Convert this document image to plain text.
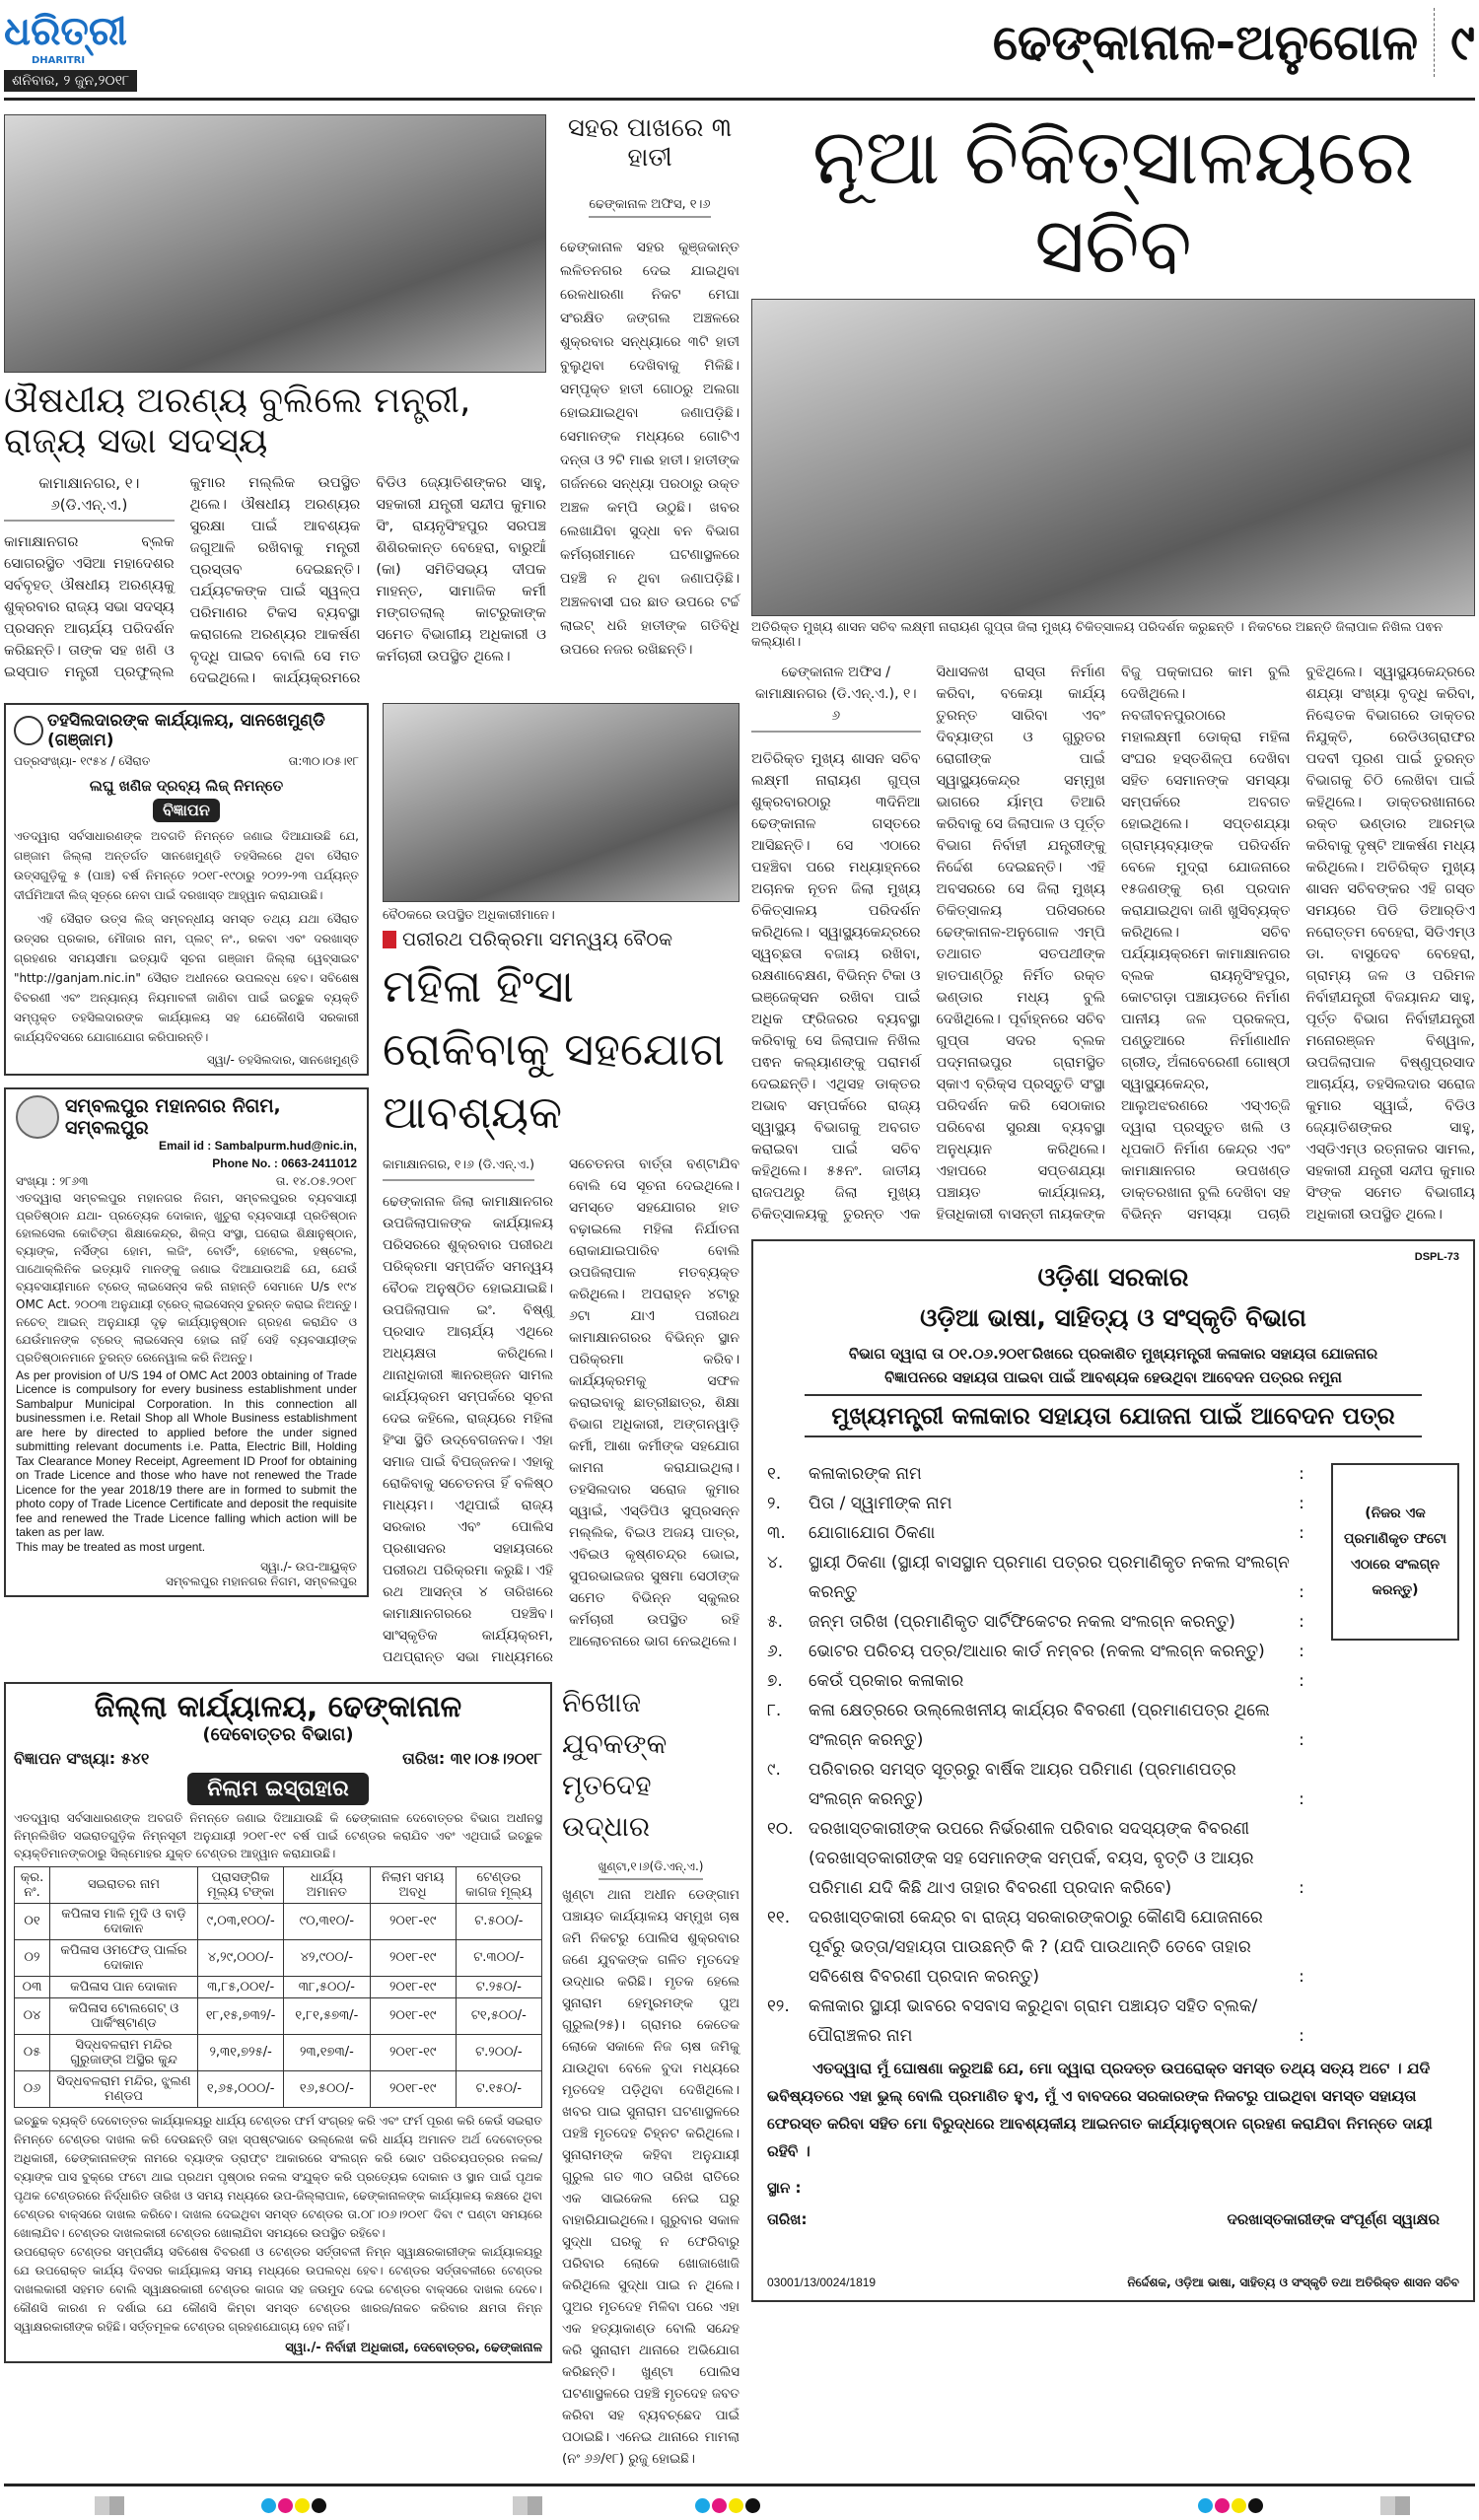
ଧରିତ୍ରୀ
DHARITRI
ଶନିବାର, ୨ ଜୁନ,୨୦୧୮
ଢେଙ୍କାନାଳ-ଅନୁଗୋଳ ୯
ଔଷଧୀୟ ଅରଣ୍ୟ ବୁଲିଲେ ମନ୍ତ୍ରୀ, ରାଜ୍ୟ ସଭା ସଦସ୍ୟ
କାମାକ୍ଷାନଗର, ୧।୬(ଡି.ଏନ୍.ଏ.)
କାମାକ୍ଷାନଗର ବ୍ଲକ ସୋଗରସ୍ଥିତ ଏସିଆ ମହାଦେଶର ସର୍ବବୃହତ୍ ଔଷଧୀୟ ଅରଣ୍ୟକୁ ଶୁକ୍ରବାର ରାଜ୍ୟ ସଭା ସଦସ୍ୟ ପ୍ରସନ୍ନ ଆଚାର୍ଯ୍ୟ ପରିଦର୍ଶନ କରିଛନ୍ତି। ତାଙ୍କ ସହ ଖଣି ଓ ଇସ୍ପାତ ମନ୍ତ୍ରୀ ପ୍ରଫୁଲ୍ଲ କୁମାର ମଲ୍ଲିକ ଉପସ୍ଥିତ ଥିଲେ। ଔଷଧୀୟ ଅରଣ୍ୟର ସୁରକ୍ଷା ପାଇଁ ଆବଶ୍ୟକ ଜଗୁଆଳି ରଖିବାକୁ ମନ୍ତ୍ରୀ ପ୍ରସ୍ତାବ ଦେଇଛନ୍ତି। ପର୍ଯ୍ୟଟକଙ୍କ ପାଇଁ ସ୍ୱଳ୍ପ ପରିମାଣର ଟିକସ ବ୍ୟବସ୍ଥା କରାଗଲେ ଅରଣ୍ୟର ଆକର୍ଷଣ ବୃଦ୍ଧି ପାଇବ ବୋଲି ସେ ମତ ଦେଇଥିଲେ। କାର୍ଯ୍ୟକ୍ରମରେ ବିଡିଓ ଜ୍ୟୋତିଶଙ୍କର ସାହୁ, ସହକାରୀ ଯନ୍ତ୍ରୀ ସନ୍ଦୀପ କୁମାର ସିଂ, ରାୟନୃସିଂହପୁର ସରପଞ୍ଚ ଶିଶିରକାନ୍ତ ବେହେରା, ବାରୁଆଁ (କା) ସମିତିସଭ୍ୟ ଦୀପକ ମାହନ୍ତ, ସାମାଜିକ କର୍ମୀ ମଙ୍ଗତଲାଲ୍ କାଟରୁକାଙ୍କ ସମେତ ବିଭାଗୀୟ ଅଧିକାରୀ ଓ କର୍ମଚାରୀ ଉପସ୍ଥିତ ଥିଲେ।
ସହର ପାଖରେ ୩ ହାତୀ
ଢେଙ୍କାନାଳ ଅଫିସ, ୧।୬
ଢେଙ୍କାନାଳ ସହର କୁଞ୍ଜକାନ୍ତ ଲଳିତନଗର ଦେଇ ଯାଇଥିବା ରେଳଧାରଣା ନିକଟ ମେଘା ସଂରକ୍ଷିତ ଜଙ୍ଗଲ ଅଞ୍ଚଳରେ ଶୁକ୍ରବାର ସନ୍ଧ୍ୟାରେ ୩ଟି ହାତୀ ବୁଲୁଥିବା ଦେଖିବାକୁ ମିଳିଛି। ସମ୍ପୃକ୍ତ ହାତୀ ଗୋଠରୁ ଅଲଗା ହୋଇଯାଇଥିବା ଜଣାପଡ଼ିଛି। ସେମାନଙ୍କ ମଧ୍ୟରେ ଗୋଟିଏ ଦନ୍ତା ଓ ୨ଟି ମାଈ ହାତୀ। ହାତୀଙ୍କ ଗର୍ଜନରେ ସନ୍ଧ୍ୟା ପରଠାରୁ ଉକ୍ତ ଅଞ୍ଚଳ କମ୍ପି ଉଠୁଛି। ଖବର ଲେଖାଯିବା ସୁଦ୍ଧା ବନ ବିଭାଗ କର୍ମଚାରୀମାନେ ଘଟଣାସ୍ଥଳରେ ପହଞ୍ଚି ନ ଥିବା ଜଣାପଡ଼ିଛି। ଅଞ୍ଚଳବାସୀ ଘର ଛାତ ଉପରେ ଟର୍ଚ୍ଚ ଲାଇଟ୍ ଧରି ହାତୀଙ୍କ ଗତିବିଧି ଉପରେ ନଜର ରଖିଛନ୍ତି।
ତହସିଲଦାରଙ୍କ କାର୍ଯ୍ୟାଳୟ, ସାନଖେମୁଣ୍ଡି (ଗଞ୍ଜାମ)
ପତ୍ରସଂଖ୍ୟା- ୧୯୫୪ / ସୈରାତ	ତା:୩୦।୦୫।୧୮
ଲଘୁ ଖଣିଜ ଦ୍ରବ୍ୟ ଲିଜ୍ ନିମନ୍ତେ
ବିଜ୍ଞାପନ

ଏତଦ୍ୱାରା ସର୍ବସାଧାରଣଙ୍କ ଅବଗତି ନିମନ୍ତେ ଜଣାଇ ଦିଆଯାଉଛି ଯେ, ଗଞ୍ଜାମ ଜିଲ୍ଲା ଅନ୍ତର୍ଗତ ସାନଖେମୁଣ୍ଡି ତହସିଲରେ ଥିବା ସୈରାତ ଉତ୍ସଗୁଡ଼ିକୁ ୫ (ପାଞ୍ଚ) ବର୍ଷ ନିମନ୍ତେ ୨୦୧୮-୧୯ଠାରୁ ୨୦୨୨-୨୩ ପର୍ଯ୍ୟନ୍ତ ଦୀର୍ଘମିଆଦୀ ଲିଜ୍ ସୂତ୍ରେ ନେବା ପାଇଁ ଦରଖାସ୍ତ ଆହ୍ୱାନ କରାଯାଉଛି।

ଏହି ସୈରାତ ଉତ୍ସ ଲିଜ୍ ସମ୍ବନ୍ଧୀୟ ସମସ୍ତ ତଥ୍ୟ ଯଥା ସୈରାତ ଉତ୍ସର ପ୍ରକାର, ମୌଜାର ନାମ, ପ୍ଲଟ୍ ନଂ., ରକବା ଏବଂ ଦରଖାସ୍ତ ଗ୍ରହଣର ସମୟସୀମା ଇତ୍ୟାଦି ସୂଚନା ଗଞ୍ଜାମ ଜିଲ୍ଲା ୱେବ୍‌ସାଇଟ "http://ganjam.nic.in" ସୈରାତ ଅଧୀନରେ ଉପଲବ୍ଧ ହେବ। ସବିଶେଷ ବିବରଣୀ ଏବଂ ଅନ୍ୟାନ୍ୟ ନିୟମାବଳୀ ଜାଣିବା ପାଇଁ ଇଚ୍ଛୁକ ବ୍ୟକ୍ତି ସମ୍ପୃକ୍ତ ତହସିଲଦାରଙ୍କ କାର୍ଯ୍ୟାଳୟ ସହ ଯେକୌଣସି ସରକାରୀ କାର୍ଯ୍ୟଦିବସରେ ଯୋଗାଯୋଗ କରିପାରନ୍ତି।

ସ୍ୱା/- ତହସିଲଦାର, ସାନଖେମୁଣ୍ଡି
ସମ୍ବଲପୁର ମହାନଗର ନିଗମ, ସମ୍ବଲପୁର
Email id : Sambalpurm.hud@nic.in,
Phone No. : 0663-2411012
ସଂଖ୍ୟା : ୨୮୬୩	ତା. ୧୪.୦୫.୨୦୧୮

ଏତଦ୍ୱାରା ସମ୍ବଲପୁର ମହାନଗର ନିଗମ, ସମ୍ବଲପୁରର ବ୍ୟବସାୟୀ ପ୍ରତିଷ୍ଠାନ ଯଥା- ପ୍ରତ୍ୟେକ ଦୋକାନ, ଖୁଚୁରା ବ୍ୟବସାୟୀ ପ୍ରତିଷ୍ଠାନ ହୋଲସେଲ କୋଚିଙ୍ଗ ଶିକ୍ଷାକେନ୍ଦ୍ର, ଶିଳ୍ପ ସଂସ୍ଥା, ଘରୋଇ ଶିକ୍ଷାନୁଷ୍ଠାନ, ବ୍ୟାଙ୍କ, ନର୍ସିଙ୍ଗ ହୋମ, ଲଜିଂ, ବୋର୍ଡିଂ, ହୋଟେଲ, ହଷ୍ଟେଲ, ପାଥୋକ୍ଲିନିକ ଇତ୍ୟାଦି ମାନଙ୍କୁ ଜଣାଇ ଦିଆଯାଉଅଛି ଯେ, ଯେଉଁ ବ୍ୟବସାୟୀମାନେ ଟ୍ରେଡ୍ ଲାଇସେନ୍ସ କରି ନାହାନ୍ତି ସେମାନେ U/s ୧୯୪ OMC Act. ୨୦୦୩ ଅନୁଯାୟୀ ଟ୍ରେଡ୍ ଲାଇସେନ୍ସ ତୁରନ୍ତ କରାଇ ନିଅନ୍ତୁ। ନଚେତ୍ ଆଇନ୍ ଅନୁଯାୟୀ ଦୃଢ଼ କାର୍ଯ୍ୟାନୁଷ୍ଠାନ ଗ୍ରହଣ କରାଯିବ ଓ ଯେଉଁମାନଙ୍କ ଟ୍ରେଡ୍ ଲାଇସେନ୍ସ ହୋଇ ନାହିଁ ସେହି ବ୍ୟବସାୟୀଙ୍କ ପ୍ରତିଷ୍ଠାନମାନେ ତୁରନ୍ତ ରେନେୱାଲ କରି ନିଅନ୍ତୁ।

As per provision of U/S 194 of OMC Act 2003 obtaining of Trade Licence is compulsory for every business establishment under Sambalpur Municipal Corporation. In this connection all businessmen i.e. Retail Shop all Whole Business establishment are here by directed to applied before the under signed submitting relevant documents i.e. Patta, Electric Bill, Holding Tax Clearance Money Receipt, Agreement ID Proof for obtaining on Trade Licence and those who have not renewed the Trade Licence for the year 2018/19 there are in formed to submit the photo copy of Trade Licence Certificate and deposit the requisite fee and renewed the Trade Licence falling which action will be taken as per law.

This may be treated as most urgent.

ସ୍ୱା./- ଉପ-ଆୟୁକ୍ତ
ସମ୍ବଲପୁର ମହାନଗର ନିଗମ, ସମ୍ବଲପୁର
ବୈଠକରେ ଉପସ୍ଥିତ ଅଧିକାରୀମାନେ।
ପରୀରଥ ପରିକ୍ରମା ସମନ୍ୱୟ ବୈଠକ
ମହିଳା ହିଂସା ରୋକିବାକୁ ସହଯୋଗ ଆବଶ୍ୟକ
କାମାକ୍ଷାନଗର, ୧।୬ (ଡି.ଏନ୍.ଏ.)
ଢେଙ୍କାନାଳ ଜିଲା କାମାକ୍ଷାନଗର ଉପଜିଲାପାଳଙ୍କ କାର୍ଯ୍ୟାଳୟ ପରିସରରେ ଶୁକ୍ରବାର ପରୀରଥ ପରିକ୍ରମା ସମ୍ପର୍କିତ ସମନ୍ୱୟ ବୈଠକ ଅନୁଷ୍ଠିତ ହୋଇଯାଇଛି। ଉପଜିଲାପାଳ ଇଂ. ବିଷ୍ଣୁ ପ୍ରସାଦ ଆଚାର୍ଯ୍ୟ ଏଥିରେ ଅଧ୍ୟକ୍ଷତା କରିଥିଲେ। ଥାନାଧିକାରୀ ଜ୍ଞାନରଞ୍ଜନ ସାମଲ କାର୍ଯ୍ୟକ୍ରମ ସମ୍ପର୍କରେ ସୂଚନା ଦେଇ କହିଲେ, ରାଜ୍ୟରେ ମହିଳା ହିଂସା ସ୍ଥିତି ଉଦ୍‌ବେଗଜନକ। ଏହା ସମାଜ ପାଇଁ ବିପଜ୍ଜନକ। ଏହାକୁ ରୋକିବାକୁ ସଚେତନତା ହିଁ ବଳିଷ୍ଠ ମାଧ୍ୟମ। ଏଥିପାଇଁ ରାଜ୍ୟ ସରକାର ଏବଂ ପୋଲିସ ପ୍ରଶାସନର ସହାୟତାରେ ପରୀରଥ ପରିକ୍ରମା କରୁଛି। ଏହି ରଥ ଆସନ୍ତା ୪ ତାରିଖରେ କାମାକ୍ଷାନଗରରେ ପହଞ୍ଚିବ। ସାଂସ୍କୃତିକ କାର୍ଯ୍ୟକ୍ରମ, ପଥପ୍ରାନ୍ତ ସଭା ମାଧ୍ୟମରେ ସଚେତନତା ବାର୍ତ୍ତା ବଣ୍ଟାଯିବ ବୋଲି ସେ ସୂଚନା ଦେଇଥିଲେ। ସମସ୍ତେ ସହଯୋଗର ହାତ ବଢ଼ାଇଲେ ମହିଳା ନିର୍ଯାତନା ରୋକାଯାଇପାରିବ ବୋଲି ଉପଜିଲାପାଳ ମତବ୍ୟକ୍ତ କରିଥିଲେ। ଅପରାହ୍ନ ୪ଟାରୁ ୬ଟା ଯାଏ ପରୀରଥ କାମାକ୍ଷାନଗରର ବିଭିନ୍ନ ସ୍ଥାନ ପରିକ୍ରମା କରିବ। କାର୍ଯ୍ୟକ୍ରମକୁ ସଫଳ କରାଇବାକୁ ଛାତ୍ରୀଛାତ୍ର, ଶିକ୍ଷା ବିଭାଗ ଅଧିକାରୀ, ଅଙ୍ଗନୱାଡ଼ି କର୍ମୀ, ଆଶା କର୍ମୀଙ୍କ ସହଯୋଗ କାମନା କରାଯାଇଥିଲା। ତହସିଲଦାର ସରୋଜ କୁମାର ସ୍ୱାଇଁ, ଏସ୍‌ଡିପିଓ ସୁପ୍ରସନ୍ନ ମଲ୍ଲିକ, ବିଇଓ ଅଜୟ ପାତ୍ର, ଏବିଇଓ କୃଷ୍ଣଚନ୍ଦ୍ର ଭୋଇ, ସୁପରଭାଇଜର ସୁଷମା ସେଠୀଙ୍କ ସମେତ ବିଭିନ୍ନ ସ୍କୁଲର କର୍ମଚାରୀ ଉପସ୍ଥିତ ରହି ଆଲୋଚନାରେ ଭାଗ ନେଇଥିଲେ।
ଜିଲ୍ଲା କାର୍ଯ୍ୟାଳୟ, ଢେଙ୍କାନାଳ
(ଦେବୋତ୍ତର ବିଭାଗ)
ବିଜ୍ଞାପନ ସଂଖ୍ୟା: ୫୪୧	ତାରିଖ: ୩୧।୦୫।୨୦୧୮
ନିଲାମ ଇସ୍ତାହାର

ଏତଦ୍ୱାରା ସର୍ବସାଧାରଣଙ୍କ ଅବଗତି ନିମନ୍ତେ ଜଣାଇ ଦିଆଯାଉଛି କି ଢେଙ୍କାନାଳ ଦେବୋତ୍ତର ବିଭାଗ ଅଧୀନସ୍ଥ ନିମ୍ନଲିଖିତ ସଇରାତଗୁଡ଼ିକ ନିମ୍ନସୂଚୀ ଅନୁଯାୟୀ ୨୦୧୮-୧୯ ବର୍ଷ ପାଇଁ ଟେଣ୍ଡର କରାଯିବ ଏବଂ ଏଥିପାଇଁ ଇଚ୍ଛୁକ ବ୍ୟକ୍ତିମାନଙ୍କଠାରୁ ସିଲ୍‌ମୋହର ଯୁକ୍ତ ଟେଣ୍ଡର ଆହ୍ୱାନ କରାଯାଉଛି।

କ୍ର. ନଂ.	ସଇରାତର ନାମ	ପ୍ରାସଙ୍ଗିକ ମୂଲ୍ୟ ଟଙ୍କା	ଧାର୍ଯ୍ୟ ଅମାନତ	ନିଲାମ ସମୟ ଅବଧି	ଟେଣ୍ଡର କାଗଜ ମୂଲ୍ୟ
୦୧	କପିଳାସ ମାଳି ମୁଦି ଓ ବାଡ଼ି ଦୋକାନ	୯,୦୩,୧୦୦/-	୯୦,୩୧୦/-	୨୦୧୮-୧୯	ଟ.୫୦୦/-
୦୨	କପିଳାସ ଓମଫେଡ୍ ପାର୍ଲର ଦୋକାନ	୪,୨୯,୦୦୦/-	୪୨,୯୦୦/-	୨୦୧୮-୧୯	ଟ.୩୦୦/-
୦୩	କପିଳାସ ପାନ ଦୋକାନ	୩,୮୫,୦୦୧/-	୩୮,୫୦୦/-	୨୦୧୮-୧୯	ଟ.୨୫୦/-
୦୪	କପିଳାସ ଟୋଲଗେଟ୍ ଓ ପାର୍କିଂଷ୍ଟାଣ୍ଡ	୧୮,୧୫,୭୩୨/-	୧,୮୧,୫୭୩/-	୨୦୧୮-୧୯	ଟ୧,୫୦୦/-
୦୫	ସିଦ୍ଧବଳରାମ ମନ୍ଦିର ଗୁରୁଜାଙ୍ଗ ଅସ୍ଥିର କୁନ୍ଦ	୨,୩୧,୭୨୫/-	୨୩,୧୭୩/-	୨୦୧୮-୧୯	ଟ.୨୦୦/-
୦୬	ସିଦ୍ଧବଳରାମ ମନ୍ଦିର, ଝୁଲଣ ମଣ୍ଡପ	୧,୬୫,୦୦୦/-	୧୬,୫୦୦/-	୨୦୧୮-୧୯	ଟ.୧୫୦/-

ଇଚ୍ଛୁକ ବ୍ୟକ୍ତି ଦେବୋତ୍ତର କାର୍ଯ୍ୟାଳୟରୁ ଧାର୍ଯ୍ୟ ଟେଣ୍ଡର ଫର୍ମ ସଂଗ୍ରହ କରି ଏବଂ ଫର୍ମ ପୂରଣ କରି କେଉଁ ସଇରାତ ନିମନ୍ତେ ଟେଣ୍ଡର ଦାଖଲ କରି ଦେଉଛନ୍ତି ତାହା ସ୍ପଷ୍ଟଭାବେ ଉଲ୍ଲେଖ କରି ଧାର୍ଯ୍ୟ ଅମାନତ ଅର୍ଥ ଦେବୋତ୍ତର ଅଧିକାରୀ, ଢେଙ୍କାନାଳଙ୍କ ନାମରେ ବ୍ୟାଙ୍କ ଡ୍ରାଫ୍ଟ ଆକାରରେ ସଂଲଗ୍ନ କରି ଭୋଟ ପରିଚୟପତ୍ରର ନକଲ/ ବ୍ୟାଙ୍କ ପାସ ବୁକ୍‌ରେ ଫଟୋ ଥାଇ ପ୍ରଥମ ପୃଷ୍ଠାର ନକଲ ସଂଯୁକ୍ତ କରି ପ୍ରତ୍ୟେକ ଦୋକାନ ଓ ସ୍ଥାନ ପାଇଁ ପୃଥକ ପୃଥକ ଟେଣ୍ଡରରେ ନିର୍ଦ୍ଧାରିତ ତାରିଖ ଓ ସମୟ ମଧ୍ୟରେ ଉପ-ଜିଲ୍ଲାପାଳ, ଢେଙ୍କାନାଳଙ୍କ କାର୍ଯ୍ୟାଳୟ କକ୍ଷରେ ଥିବା ଟେଣ୍ଡର ବାକ୍ସରେ ଦାଖଲ କରିବେ। ଦାଖଲ ଦେଇଥିବା ସମସ୍ତ ଟେଣ୍ଡର ତା.୦୮।୦୬।୨୦୧୮ ଦିବା ୯ ଘଣ୍ଟା ସମୟରେ ଖୋଲାଯିବ। ଟେଣ୍ଡର ଦାଖଲକାରୀ ଟେଣ୍ଡର ଖୋଲାଯିବା ସମୟରେ ଉପସ୍ଥିତ ରହିବେ।

ଉପରୋକ୍ତ ଟେଣ୍ଡର ସମ୍ପର୍କୀୟ ସବିଶେଷ ବିବରଣୀ ଓ ଟେଣ୍ଡର ସର୍ତ୍ତାବଳୀ ନିମ୍ନ ସ୍ୱାକ୍ଷରକାରୀଙ୍କ କାର୍ଯ୍ୟାଳୟରୁ ଯେ ଉପରୋକ୍ତ କାର୍ଯ୍ୟ ଦିବସର କାର୍ଯ୍ୟାଳୟ ସମୟ ମଧ୍ୟରେ ଉପଲବ୍ଧ ହେବ। ଟେଣ୍ଡର ସର୍ତ୍ତାବଳୀରେ ଟେଣ୍ଡର ଦାଖଲକାରୀ ସହମତ ବୋଲି ସ୍ୱାକ୍ଷରକାରୀ ଟେଣ୍ଡର କାଗଜ ସହ ଜଉମୁଦ ଦେଇ ଟେଣ୍ଡର ବାକ୍ସରେ ଦାଖଲ ଦେବେ। କୌଣସି କାରଣ ନ ଦର୍ଶାଇ ଯେ କୌଣସି କିମ୍ବା ସମସ୍ତ ଟେଣ୍ଡର ଖାରଜ/ନାକଚ କରିବାର କ୍ଷମତା ନିମ୍ନ ସ୍ୱାକ୍ଷରକାରୀଙ୍କ ରହିଛି। ସର୍ତ୍ତମୂଳକ ଟେଣ୍ଡର ଗ୍ରହଣଯୋଗ୍ୟ ହେବ ନାହିଁ।

ସ୍ୱା./- ନିର୍ବାହୀ ଅଧିକାରୀ, ଦେବୋତ୍ତର, ଢେଙ୍କାନାଳ
ନିଖୋଜ ଯୁବକଙ୍କ ମୃତଦେହ ଉଦ୍ଧାର
ଖୁଣ୍ଟା,୧।୬(ଡି.ଏନ୍.ଏ.)
ଖୁଣ୍ଟା ଥାନା ଅଧୀନ ଡେଙ୍ଗାମ ପଞ୍ଚାୟତ କାର୍ଯ୍ୟାଳୟ ସମ୍ମୁଖ ଚାଷ ଜମି ନିକଟରୁ ପୋଲିସ ଶୁକ୍ରବାର ଜଣେ ଯୁବକଙ୍କ ଗଳିତ ମୃତଦେହ ଉଦ୍ଧାର କରିଛି। ମୃତକ ହେଲେ ସୁନାରାମ ହେମ୍ବ୍ରମଙ୍କ ପୁଅ ଗୁରୁଲ(୨୫)। ଗ୍ରାମର କେତେକ ଲୋକେ ସକାଳେ ନିଜ ଚାଷ ଜମିକୁ ଯାଉଥିବା ବେଳେ ବୁଦା ମଧ୍ୟରେ ମୃତଦେହ ପଡ଼ିଥିବା ଦେଖିଥିଲେ। ଖବର ପାଇ ସୁନାରାମ ଘଟଣାସ୍ଥଳରେ ପହଞ୍ଚି ମୃତଦେହ ଚିହ୍ନଟ କରିଥିଲେ। ସୁନାରାମଙ୍କ କହିବା ଅନୁଯାୟୀ ଗୁରୁଲ ଗତ ୩୦ ତାରିଖ ରାତିରେ ଏକ ସାଇକେଲ ନେଇ ଘରୁ ବାହାରିଯାଇଥିଲେ। ଗୁରୁବାର ସକାଳ ସୁଦ୍ଧା ଘରକୁ ନ ଫେରିବାରୁ ପରିବାର ଲୋକେ ଖୋଜାଖୋଜି କରିଥିଲେ ସୁଦ୍ଧା ପାଇ ନ ଥିଲେ। ପୁଅର ମୃତଦେହ ମିଳିବା ପରେ ଏହା ଏକ ହତ୍ୟାକାଣ୍ଡ ବୋଲି ସନ୍ଦେହ କରି ସୁନାରାମ ଥାନାରେ ଅଭିଯୋଗ କରିଛନ୍ତି। ଖୁଣ୍ଟା ପୋଲିସ ଘଟଣାସ୍ଥଳରେ ପହଞ୍ଚି ମୃତଦେହ ଜବତ କରିବା ସହ ବ୍ୟବଚ୍ଛେଦ ପାଇଁ ପଠାଇଛି। ଏନେଇ ଥାନାରେ ମାମଲା (ନଂ ୬୬/୧୮) ରୁଜୁ ହୋଇଛି।
ନୂଆ ଚିକିତ୍ସାଳୟରେ ସଚିବ
ଅତିରିକ୍ତ ମୁଖ୍ୟ ଶାସନ ସଚିବ ଲକ୍ଷ୍ମୀ ନାରାୟଣ ଗୁପ୍ତା ଜିଲା ମୁଖ୍ୟ ଚିକିତ୍ସାଳୟ ପରିଦର୍ଶନ କରୁଛନ୍ତି । ନିକଟରେ ଅଛନ୍ତି ଜିଲାପାଳ ନିଖିଲ ପଵନ କଲ୍ୟାଣ।
ଢେଙ୍କାନାଳ ଅଫିସ / କାମାକ୍ଷାନଗର (ଡି.ଏନ୍.ଏ.), ୧।୬
ଅତିରିକ୍ତ ମୁଖ୍ୟ ଶାସନ ସଚିବ ଲକ୍ଷ୍ମୀ ନାରାୟଣ ଗୁପ୍ତା ଶୁକ୍ରବାରଠାରୁ ୩ଦିନିଆ ଢେଙ୍କାନାଳ ଗସ୍ତରେ ଆସିଛନ୍ତି। ସେ ଏଠାରେ ପହଞ୍ଚିବା ପରେ ମଧ୍ୟାହ୍ନରେ ଅଚାନକ ନୂତନ ଜିଲା ମୁଖ୍ୟ ଚିକିତ୍ସାଳୟ ପରିଦର୍ଶନ କରିଥିଲେ। ସ୍ୱାସ୍ଥ୍ୟକେନ୍ଦ୍ରରେ ସ୍ୱଚ୍ଛତା ବଜାୟ ରଖିବା, ରକ୍ଷଣାବେକ୍ଷଣ, ବିଭିନ୍ନ ଟିକା ଓ ଇଞ୍ଜେକ୍ସନ ରଖିବା ପାଇଁ ଅଧିକ ଫ୍ରିଜରର ବ୍ୟବସ୍ଥା କରିବାକୁ ସେ ଜିଲାପାଳ ନିଖିଲ ପଵନ କଲ୍ୟାଣଙ୍କୁ ପରାମର୍ଶ ଦେଇଛନ୍ତି। ଏଥିସହ ଡାକ୍ତର ଅଭାବ ସମ୍ପର୍କରେ ରାଜ୍ୟ ସ୍ୱାସ୍ଥ୍ୟ ବିଭାଗକୁ ଅବଗତ କରାଇବା ପାଇଁ ସଚିବ କହିଥିଲେ। ୫୫ନଂ. ଜାତୀୟ ରାଜପଥରୁ ଜିଲା ମୁଖ୍ୟ ଚିକିତ୍ସାଳୟକୁ ତୁରନ୍ତ ଏକ ସିଧାସଳଖ ରାସ୍ତା ନିର୍ମାଣ କରିବା, ବକେୟା କାର୍ଯ୍ୟ ତୁରନ୍ତ ସାରିବା ଏବଂ ଦିବ୍ୟାଙ୍ଗ ଓ ଗୁରୁତର ରୋଗୀଙ୍କ ପାଇଁ ସ୍ୱାସ୍ଥ୍ୟକେନ୍ଦ୍ର ସମ୍ମୁଖ ଭାଗରେ ର୍ୟାମ୍ପ ତିଆରି କରିବାକୁ ସେ ଜିଲାପାଳ ଓ ପୂର୍ତ୍ତ ବିଭାଗ ନିର୍ବାହୀ ଯନ୍ତ୍ରୀଙ୍କୁ ନିର୍ଦ୍ଦେଶ ଦେଇଛନ୍ତି। ଏହି ଅବସରରେ ସେ ଜିଲା ମୁଖ୍ୟ ଚିକିତ୍ସାଳୟ ପରିସରରେ ଢେଙ୍କାନାଳ-ଅନୁଗୋଳ ଏମ୍‌ପି ତଥାଗତ ସତପଥୀଙ୍କ ହାତପାଣ୍ଠିରୁ ନିର୍ମିତ ରକ୍ତ ଭଣ୍ଡାର ମଧ୍ୟ ବୁଲି ଦେଖିଥିଲେ। ପୂର୍ବାହ୍ନରେ ସଚିବ ଗୁପ୍ତା ସଦର ବ୍ଲକ ପଦ୍ମନାଭପୁର ଗ୍ରାମସ୍ଥିତ ସ୍କାଏ ବ୍ରିକ୍ସ ପ୍ରସ୍ତୁତି ସଂସ୍ଥା ପରିଦର୍ଶନ କରି ସେଠାକାର ପରିବେଶ ସୁରକ୍ଷା ବ୍ୟବସ୍ଥା ଅନୁଧ୍ୟାନ କରିଥିଲେ। ଏହାପରେ ସପ୍ତଶଯ୍ୟା ପଞ୍ଚାୟତ କାର୍ଯ୍ୟାଳୟ, ହିତାଧିକାରୀ ବାସନ୍ତୀ ନାୟକଙ୍କ ବିଜୁ ପକ୍କାଘର କାମ ବୁଲି ଦେଖିଥିଲେ। ନବଜୀବନପୁରଠାରେ ମହାଲକ୍ଷ୍ମୀ ଡୋକ୍ରା ମହିଳା ସଂଘର ହସ୍ତଶିଳ୍ପ ଦେଖିବା ସହିତ ସେମାନଙ୍କ ସମସ୍ୟା ସମ୍ପର୍କରେ ଅବଗତ ହୋଇଥିଲେ। ସପ୍ତଶଯ୍ୟା ଗ୍ରାମ୍ୟବ୍ୟାଙ୍କ ପରିଦର୍ଶନ ବେଳେ ମୁଦ୍ରା ଯୋଜନାରେ ୧୫ଜଣଙ୍କୁ ଋଣ ପ୍ରଦାନ କରାଯାଇଥିବା ଜାଣି ଖୁସିବ୍ୟକ୍ତ କରିଥିଲେ। ସଚିବ ପର୍ଯ୍ୟାୟକ୍ରମେ କାମାକ୍ଷାନଗର ବ୍ଲକ ରାୟନୃସିଂହପୁର, କୋଟଗଡ଼ା ପଞ୍ଚାୟତରେ ନିର୍ମାଣ ପାନୀୟ ଜଳ ପ୍ରକଳ୍ପ, ପଣ୍ଡୁଆରେ ନିର୍ମାଣାଧୀନ ଗ୍ରୀଡ୍, ଅଁଳାବେରେଣୀ ଗୋଷ୍ଠୀ ସ୍ୱାସ୍ଥ୍ୟକେନ୍ଦ୍ର, ଆଲୁଅଝରଣରେ ଏସ୍‌ଏଚ୍‌ଜି ଦ୍ୱାରା ପ୍ରସ୍ତୁତ ଖଲି ଓ ଧୂପକାଠି ନିର୍ମାଣ କେନ୍ଦ୍ର ଏବଂ କାମାକ୍ଷାନଗର ଉପଖଣ୍ଡ ଡାକ୍ତରଖାନା ବୁଲି ଦେଖିବା ସହ ବିଭିନ୍ନ ସମସ୍ୟା ପଚାରି ବୁଝିଥିଲେ। ସ୍ୱାସ୍ଥ୍ୟକେନ୍ଦ୍ରରେ ଶଯ୍ୟା ସଂଖ୍ୟା ବୃଦ୍ଧି କରିବା, ନିଶ୍ଚେତକ ବିଭାଗରେ ଡାକ୍ତର ନିଯୁକ୍ତି, ରେଡିଓଗ୍ରାଫର ପଦବୀ ପୂରଣ ପାଇଁ ତୁରନ୍ତ ବିଭାଗକୁ ଚିଠି ଲେଖିବା ପାଇଁ କହିଥିଲେ। ଡାକ୍ତରଖାନାରେ ରକ୍ତ ଭଣ୍ଡାର ଆରମ୍ଭ କରିବାକୁ ଦୃଷ୍ଟି ଆକର୍ଷଣ ମଧ୍ୟ କରିଥିଲେ। ଅତିରିକ୍ତ ମୁଖ୍ୟ ଶାସନ ସଚିବଙ୍କର ଏହି ଗସ୍ତ ସମୟରେ ପିଡି ଡିଆର୍‌ଡିଏ ନରୋତ୍ତମ ବେହେରା, ସିଡିଏମ୍‌ଓ ଡା. ବାସୁଦେବ ବେହେରା, ଗ୍ରାମ୍ୟ ଜଳ ଓ ପରିମଳ ନିର୍ବାହୀଯନ୍ତ୍ରୀ ବିଜୟାନନ୍ଦ ସାହୁ, ପୂର୍ତ୍ତ ବିଭାଗ ନିର୍ବାହୀଯନ୍ତ୍ରୀ ମନୋରଞ୍ଜନ ବିଶ୍ୱାଳ, ଉପଜିଲାପାଳ ବିଷ୍ଣୁପ୍ରସାଦ ଆଚାର୍ଯ୍ୟ, ତହସିଲଦାର ସରୋଜ କୁମାର ସ୍ୱାଇଁ, ବିଡିଓ ଜ୍ୟୋତିଶଙ୍କର ସାହୁ, ଏସ୍‌ଡିଏମ୍‌ଓ ରତ୍ନାକର ସାମଲ, ସହକାରୀ ଯନ୍ତ୍ରୀ ସନ୍ଦୀପ କୁମାର ସିଂଙ୍କ ସମେତ ବିଭାଗୀୟ ଅଧିକାରୀ ଉପସ୍ଥିତ ଥିଲେ।
DSPL-73
ଓଡ଼ିଶା ସରକାର
ଓଡ଼ିଆ ଭାଷା, ସାହିତ୍ୟ ଓ ସଂସ୍କୃତି ବିଭାଗ
ବିଭାଗ ଦ୍ୱାରା ତା ୦୧.୦୬.୨୦୧୮ରିଖରେ ପ୍ରକାଶିତ ମୁଖ୍ୟମନ୍ତ୍ରୀ କଳାକାର ସହାୟତା ଯୋଜନାର
ବିଜ୍ଞାପନରେ ସହାୟତା ପାଇବା ପାଇଁ ଆବଶ୍ୟକ ହେଉଥିବା ଆବେଦନ ପତ୍ରର ନମୁନା
ମୁଖ୍ୟମନ୍ତ୍ରୀ କଳାକାର ସହାୟତା ଯୋଜନା ପାଇଁ ଆବେଦନ ପତ୍ର
୧.	କଳାକାରଙ୍କ ନାମ	:
୨.	ପିତା / ସ୍ୱାମୀଙ୍କ ନାମ	:
୩.	ଯୋଗାଯୋଗ ଠିକଣା	:
୪.	ସ୍ଥାୟୀ ଠିକଣା (ସ୍ଥାୟୀ ବାସସ୍ଥାନ ପ୍ରମାଣ ପତ୍ରର ପ୍ରମାଣିକୃତ ନକଲ ସଂଲଗ୍ନ କରନ୍ତୁ	:
୫.	ଜନ୍ମ ତାରିଖ (ପ୍ରମାଣିକୃତ ସାର୍ଟିଫିକେଟର ନକଲ ସଂଲଗ୍ନ କରନ୍ତୁ)	:
୬.	ଭୋଟର ପରିଚୟ ପତ୍ର/ଆଧାର କାର୍ଡ ନମ୍ବର (ନକଲ ସଂଲଗ୍ନ କରନ୍ତୁ)	:
୭.	କେଉଁ ପ୍ରକାର କଳାକାର	:
୮.	କଳା କ୍ଷେତ୍ରରେ ଉଲ୍ଲେଖନୀୟ କାର୍ଯ୍ୟର ବିବରଣୀ (ପ୍ରମାଣପତ୍ର ଥିଲେ ସଂଲଗ୍ନ କରନ୍ତୁ)	:
୯.	ପରିବାରର ସମସ୍ତ ସୂତ୍ରରୁ ବାର୍ଷିକ ଆୟର ପରିମାଣ (ପ୍ରମାଣପତ୍ର ସଂଲଗ୍ନ କରନ୍ତୁ)	:
୧୦. ଦରଖାସ୍ତକାରୀଙ୍କ ଉପରେ ନିର୍ଭରଶୀଳ ପରିବାର ସଦସ୍ୟଙ୍କ ବିବରଣୀ (ଦରଖାସ୍ତକାରୀଙ୍କ ସହ ସେମାନଙ୍କ ସମ୍ପର୍କ, ବୟସ, ବୃତ୍ତି ଓ ଆୟର ପରିମାଣ ଯଦି କିଛି ଥାଏ ତାହାର ବିବରଣୀ ପ୍ରଦାନ କରିବେ)	:
୧୧.	ଦରଖାସ୍ତକାରୀ କେନ୍ଦ୍ର ବା ରାଜ୍ୟ ସରକାରଙ୍କଠାରୁ କୌଣସି ଯୋଜନାରେ ପୂର୍ବରୁ ଭତ୍ତା/ସହାୟତା ପାଉଛନ୍ତି କି ? (ଯଦି ପାଉଥାନ୍ତି ତେବେ ତାହାର ସବିଶେଷ ବିବରଣୀ ପ୍ରଦାନ କରନ୍ତୁ)	:
୧୨.	କଳାକାର ସ୍ଥାୟୀ ଭାବରେ ବସବାସ କରୁଥିବା ଗ୍ରାମ ପଞ୍ଚାୟତ ସହିତ ବ୍ଲକ/ପୌରାଞ୍ଚଳର ନାମ	:
(ନିଜର ଏକ ପ୍ରମାଣିକୃତ ଫଟୋ ଏଠାରେ ସଂଲଗ୍ନ କରନ୍ତୁ)

ଏତଦ୍ୱାରା ମୁଁ ଘୋଷଣା କରୁଅଛି ଯେ, ମୋ ଦ୍ୱାରା ପ୍ରଦତ୍ତ ଉପରୋକ୍ତ ସମସ୍ତ ତଥ୍ୟ ସତ୍ୟ ଅଟେ । ଯଦି ଭବିଷ୍ୟତରେ ଏହା ଭୁଲ୍ ବୋଲି ପ୍ରମାଣିତ ହୁଏ, ମୁଁ ଏ ବାବଦରେ ସରକାରଙ୍କ ନିକଟରୁ ପାଇଥିବା ସମସ୍ତ ସହାୟତା ଫେରସ୍ତ କରିବା ସହିତ ମୋ ବିରୁଦ୍ଧରେ ଆବଶ୍ୟକୀୟ ଆଇନଗତ କାର୍ଯ୍ୟାନୁଷ୍ଠାନ ଗ୍ରହଣ କରାଯିବା ନିମନ୍ତେ ଦାୟୀ ରହିବି ।

ସ୍ଥାନ :
ତାରିଖ:	ଦରଖାସ୍ତକାରୀଙ୍କ ସଂପୂର୍ଣ୍ଣ ସ୍ୱାକ୍ଷର
03001/13/0024/1819	ନିର୍ଦ୍ଦେଶକ, ଓଡ଼ିଆ ଭାଷା, ସାହିତ୍ୟ ଓ ସଂସ୍କୃତି ତଥା ଅତିରିକ୍ତ ଶାସନ ସଚିବ
